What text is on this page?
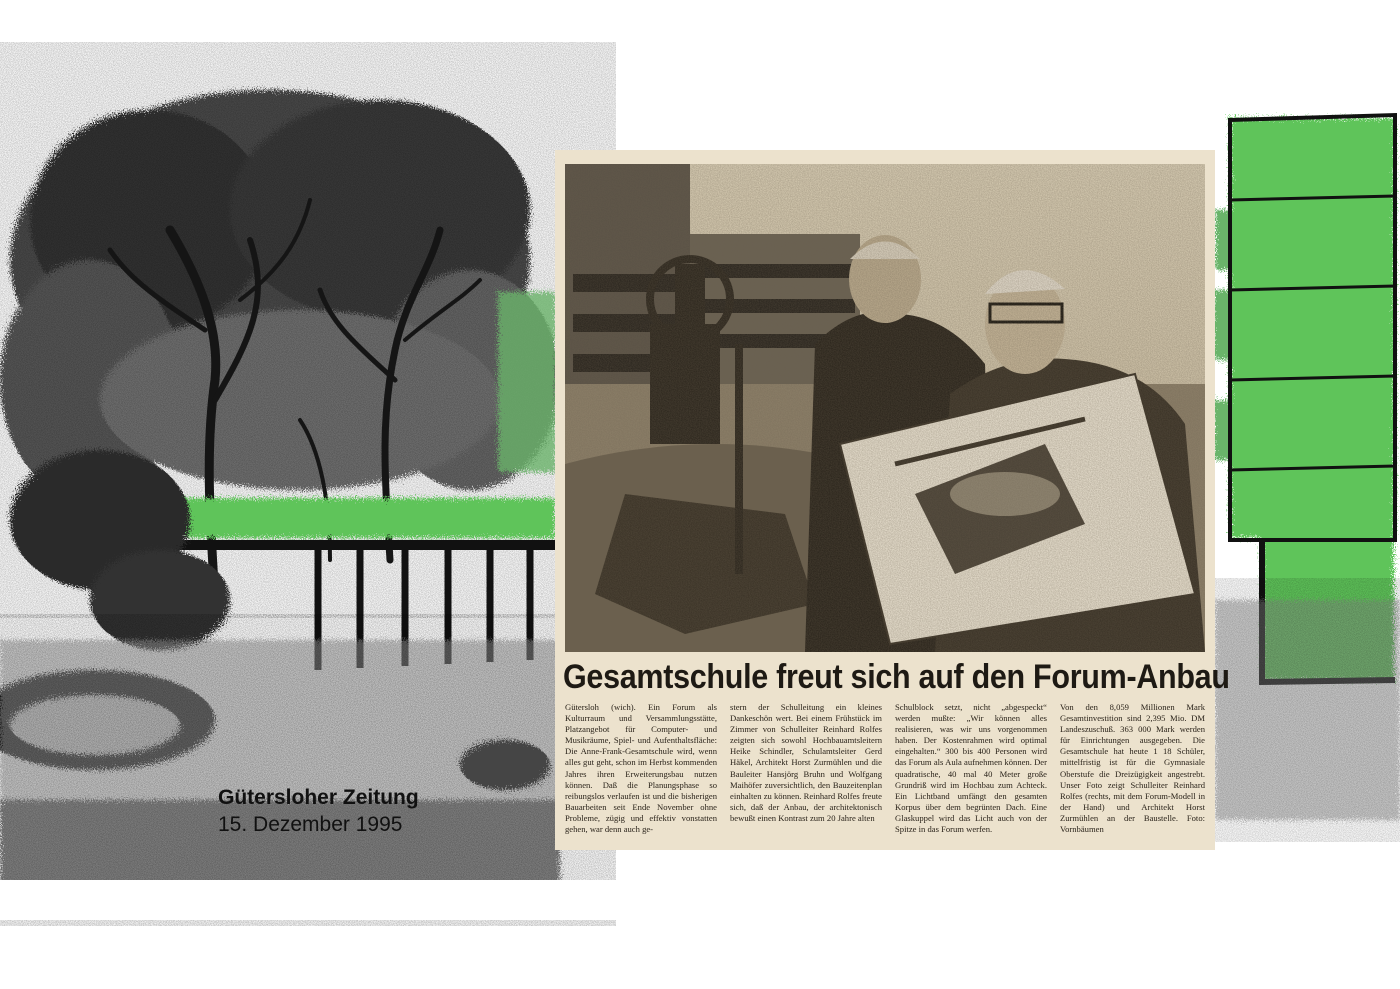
Gütersloher Zeitung
15. Dezember 1995
Gesamtschule freut sich auf den Forum-Anbau

Gütersloh (wich). Ein Forum als Kulturraum und Versammlungsstätte, Platzangebot für Computer- und Musikräume, Spiel- und Aufenthaltsfläche: Die Anne-Frank-Gesamtschule wird, wenn alles gut geht, schon im Herbst kommenden Jahres ihren Erweiterungsbau nutzen können. Daß die Planungsphase so reibungslos verlaufen ist und die bisherigen Bauarbeiten seit Ende November ohne Probleme, zügig und effektiv vonstatten gehen, war denn auch ge-

stern der Schulleitung ein kleines Dankeschön wert. Bei einem Frühstück im Zimmer von Schulleiter Reinhard Rolfes zeigten sich sowohl Hochbauamtsleitern Heike Schindler, Schulamtsleiter Gerd Häkel, Architekt Horst Zurmühlen und die Bauleiter Hansjörg Bruhn und Wolfgang Maihöfer zuversichtlich, den Bauzeitenplan einhalten zu können. Reinhard Rolfes freute sich, daß der Anbau, der architektonisch bewußt einen Kontrast zum 20 Jahre alten

Schulblock setzt, nicht „abgespeckt“ werden mußte: „Wir können alles realisieren, was wir uns vorgenommen haben. Der Kostenrahmen wird optimal eingehalten.“ 300 bis 400 Personen wird das Forum als Aula aufnehmen können. Der quadratische, 40 mal 40 Meter große Grundriß wird im Hochbau zum Achteck. Ein Lichtband umfängt den gesamten Korpus über dem begrünten Dach. Eine Glaskuppel wird das Licht auch von der Spitze in das Forum werfen.

Von den 8,059 Millionen Mark Gesamtinvestition sind 2,395 Mio. DM Landeszuschuß. 363 000 Mark werden für Einrichtungen ausgegeben. Die Gesamtschule hat heute 1 18 Schüler, mittelfristig ist für die Gymnasiale Oberstufe die Dreizügigkeit angestrebt. Unser Foto zeigt Schulleiter Reinhard Rolfes (rechts, mit dem Forum-Modell in der Hand) und Architekt Horst Zurmühlen an der Baustelle. Foto: Vornbäumen
